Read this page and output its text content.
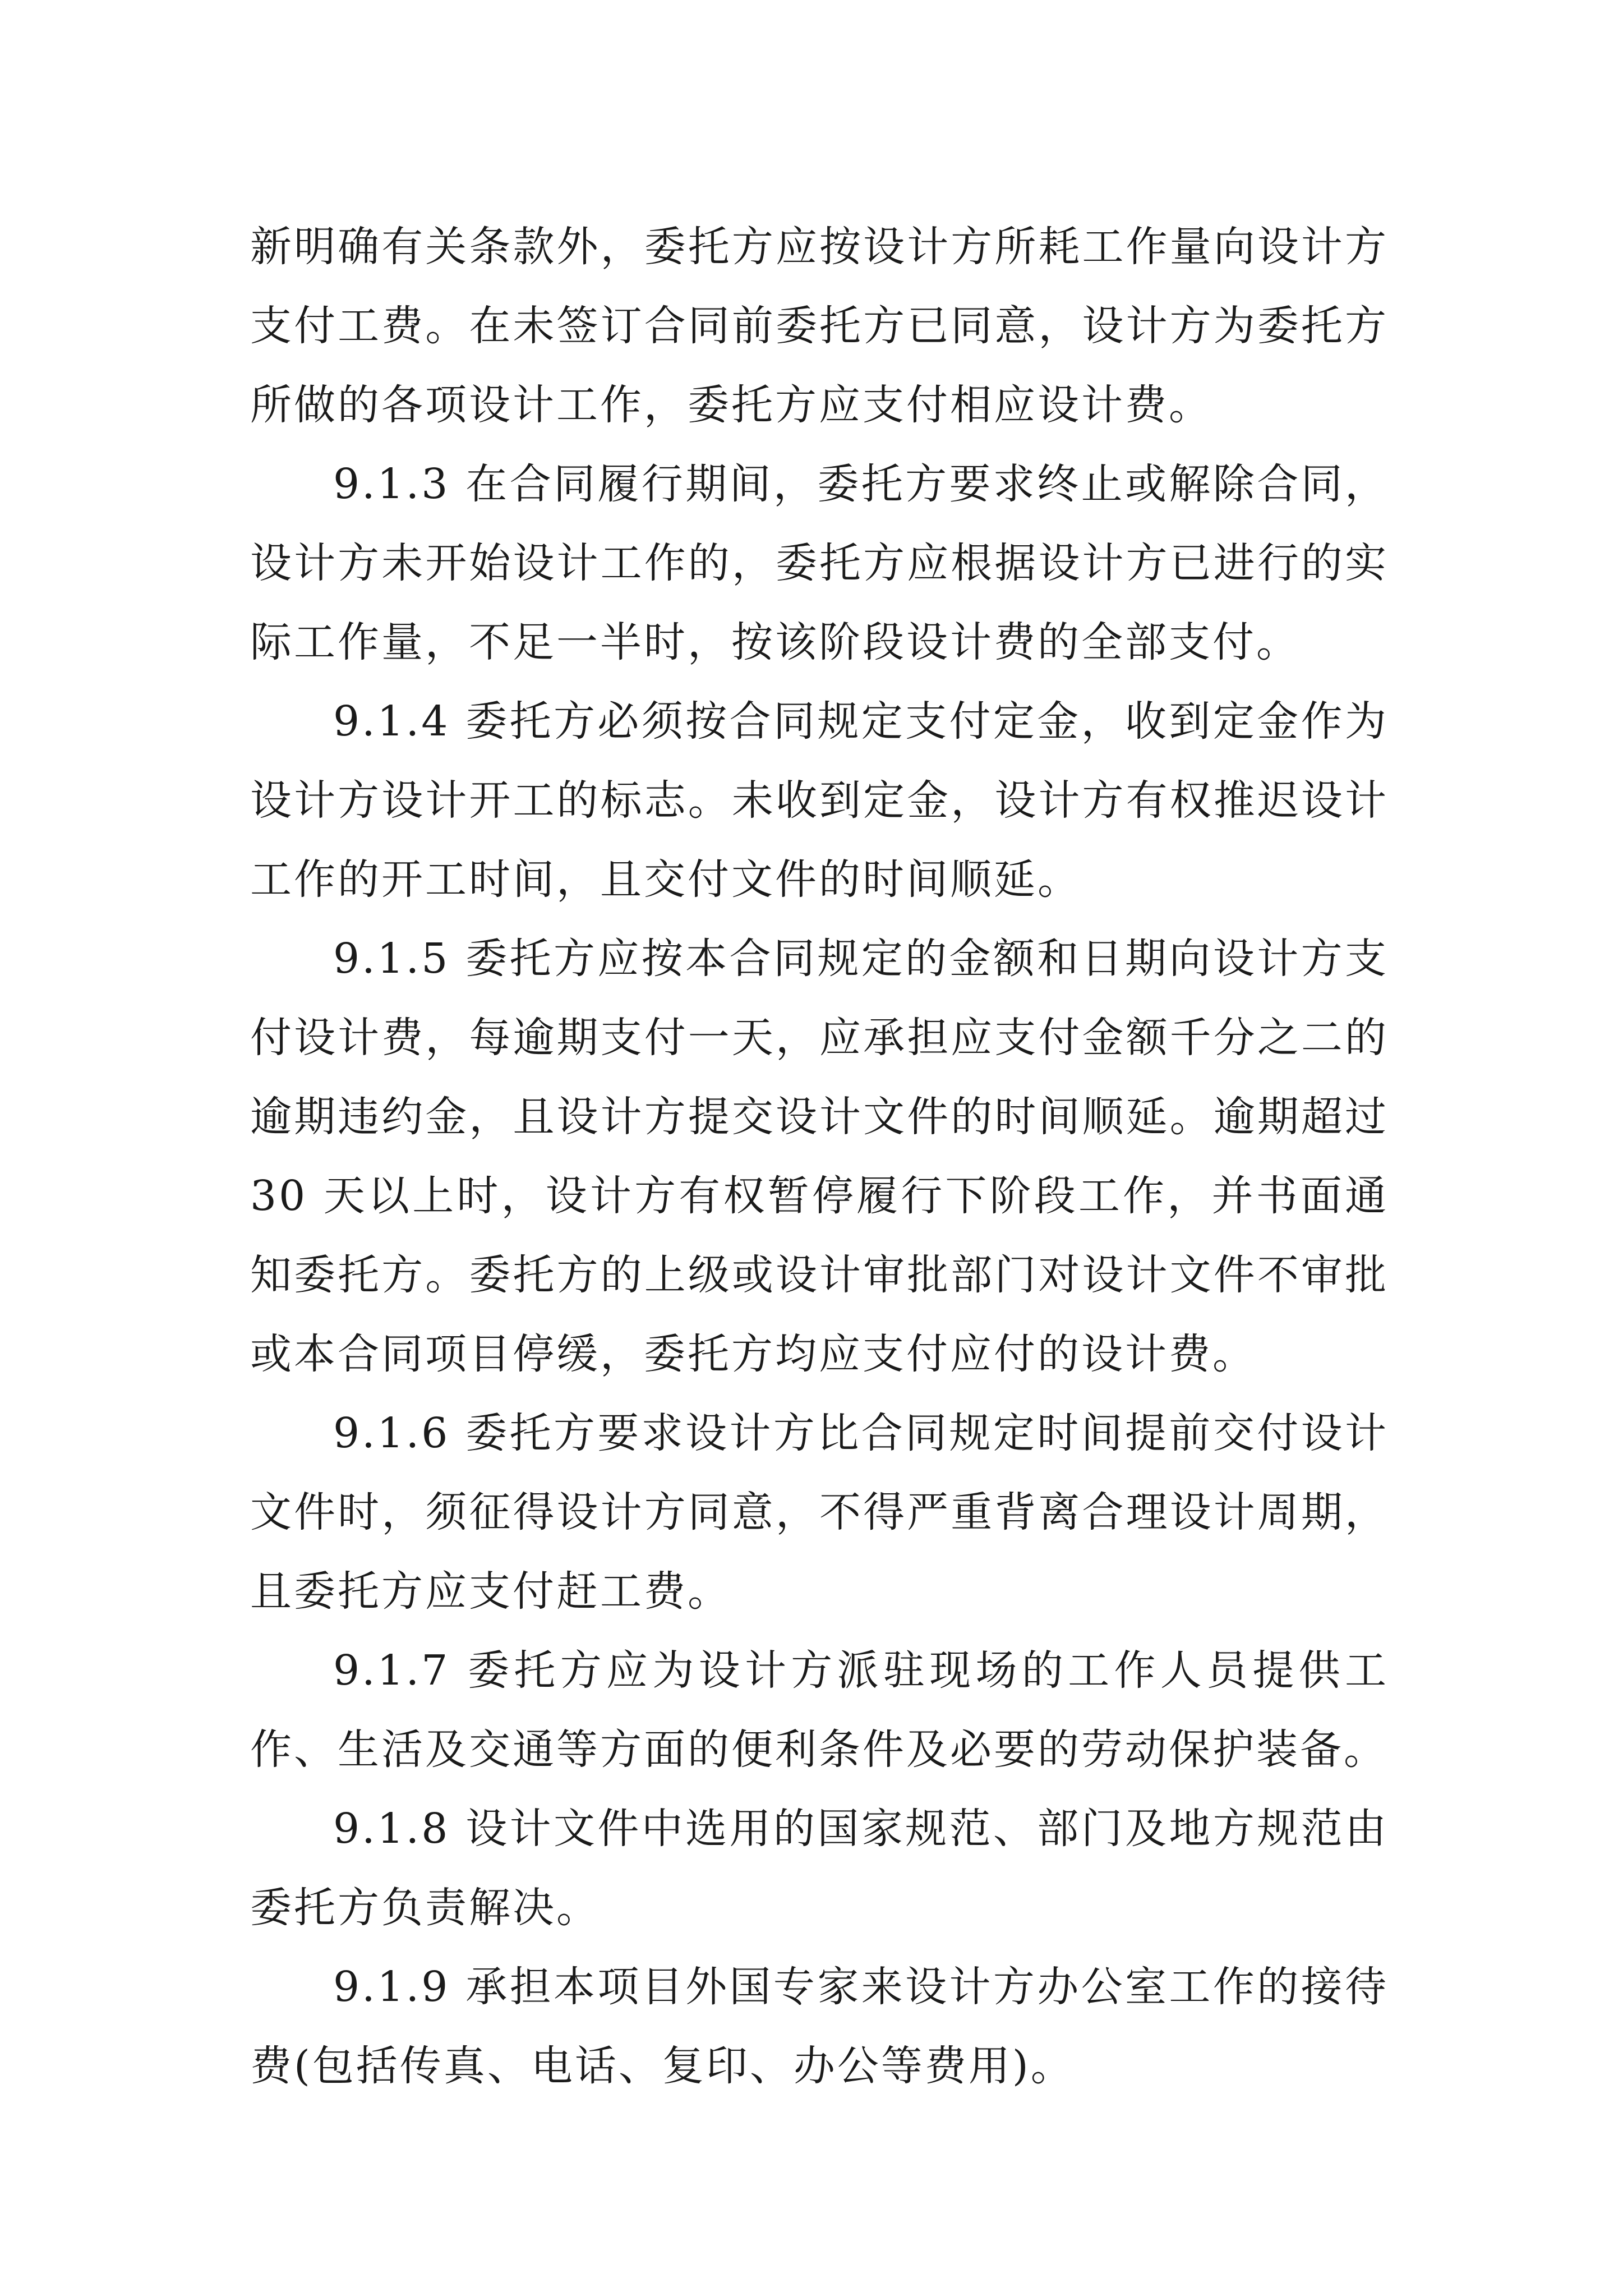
新明确有关条款外，委托方应按设计方所耗工作量向设计方支付工费。在未签订合同前委托方已同意，设计方为委托方所做的各项设计工作，委托方应支付相应设计费。

9.1.3 在合同履行期间，委托方要求终止或解除合同，设计方未开始设计工作的，委托方应根据设计方已进行的实际工作量，不足一半时，按该阶段设计费的全部支付。

9.1.4 委托方必须按合同规定支付定金，收到定金作为设计方设计开工的标志。未收到定金，设计方有权推迟设计工作的开工时间，且交付文件的时间顺延。

9.1.5 委托方应按本合同规定的金额和日期向设计方支付设计费，每逾期支付一天，应承担应支付金额千分之二的逾期违约金，且设计方提交设计文件的时间顺延。逾期超过30 天以上时，设计方有权暂停履行下阶段工作，并书面通知委托方。委托方的上级或设计审批部门对设计文件不审批或本合同项目停缓，委托方均应支付应付的设计费。

9.1.6 委托方要求设计方比合同规定时间提前交付设计文件时，须征得设计方同意，不得严重背离合理设计周期，且委托方应支付赶工费。

9.1.7 委托方应为设计方派驻现场的工作人员提供工作、生活及交通等方面的便利条件及必要的劳动保护装备。

9.1.8 设计文件中选用的国家规范、部门及地方规范由委托方负责解决。

9.1.9 承担本项目外国专家来设计方办公室工作的接待费(包括传真、电话、复印、办公等费用)。
